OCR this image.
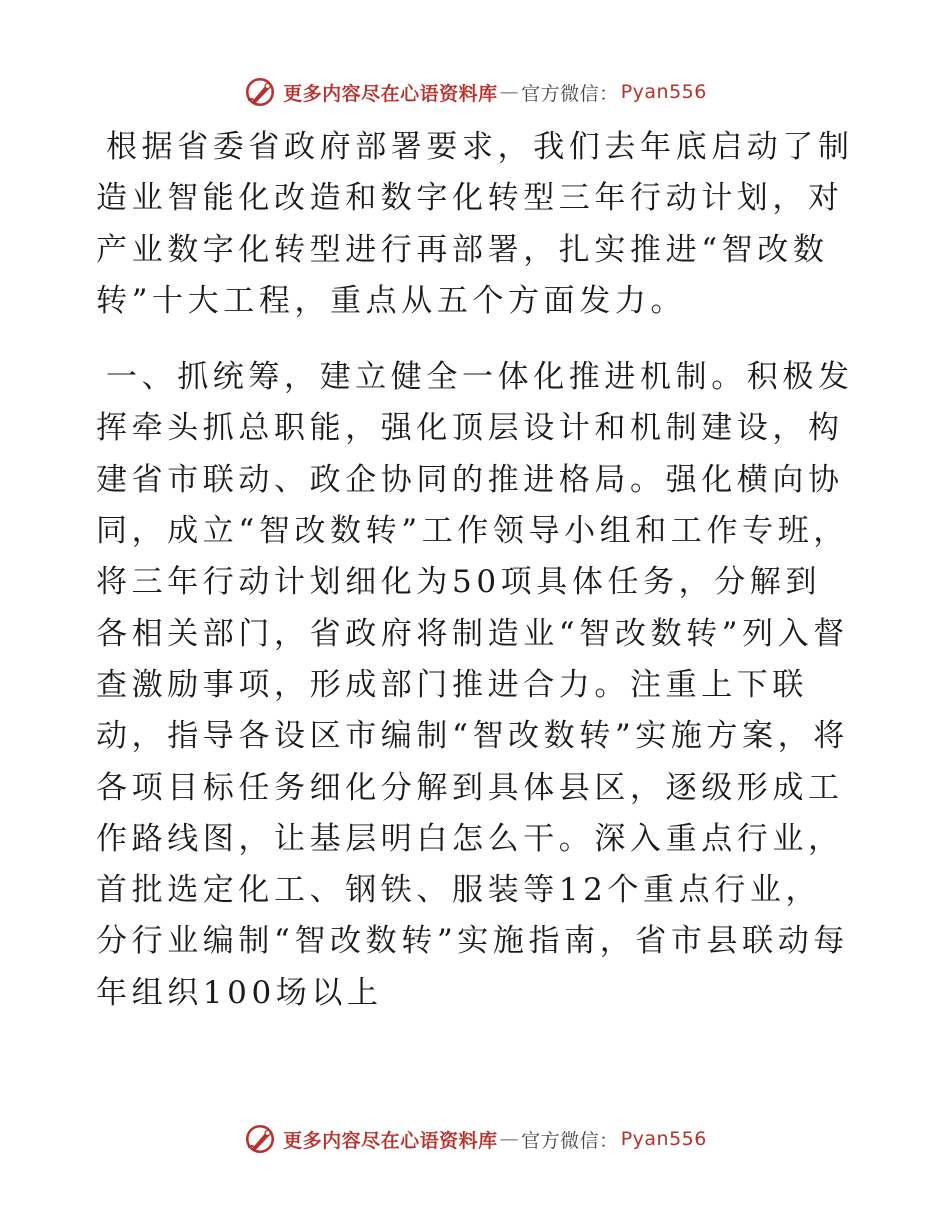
更多内容尽在心语资料库 — 官方微信： Pyan556

根据省委省政府部署要求，我们去年底启动了制造业智能化改造和数字化转型三年行动计划，对产业数字化转型进行再部署，扎实推进“智改数转”十大工程，重点从五个方面发力。

一、抓统筹，建立健全一体化推进机制。积极发挥牵头抓总职能，强化顶层设计和机制建设，构建省市联动、政企协同的推进格局。强化横向协同，成立“智改数转”工作领导小组和工作专班，将三年行动计划细化为50项具体任务，分解到各相关部门，省政府将制造业“智改数转”列入督查激励事项，形成部门推进合力。注重上下联动，指导各设区市编制“智改数转”实施方案，将各项目标任务细化分解到具体县区，逐级形成工作路线图，让基层明白怎么干。深入重点行业，首批选定化工、钢铁、服装等12个重点行业，分行业编制“智改数转”实施指南，省市县联动每年组织100场以上

更多内容尽在心语资料库 — 官方微信： Pyan556
